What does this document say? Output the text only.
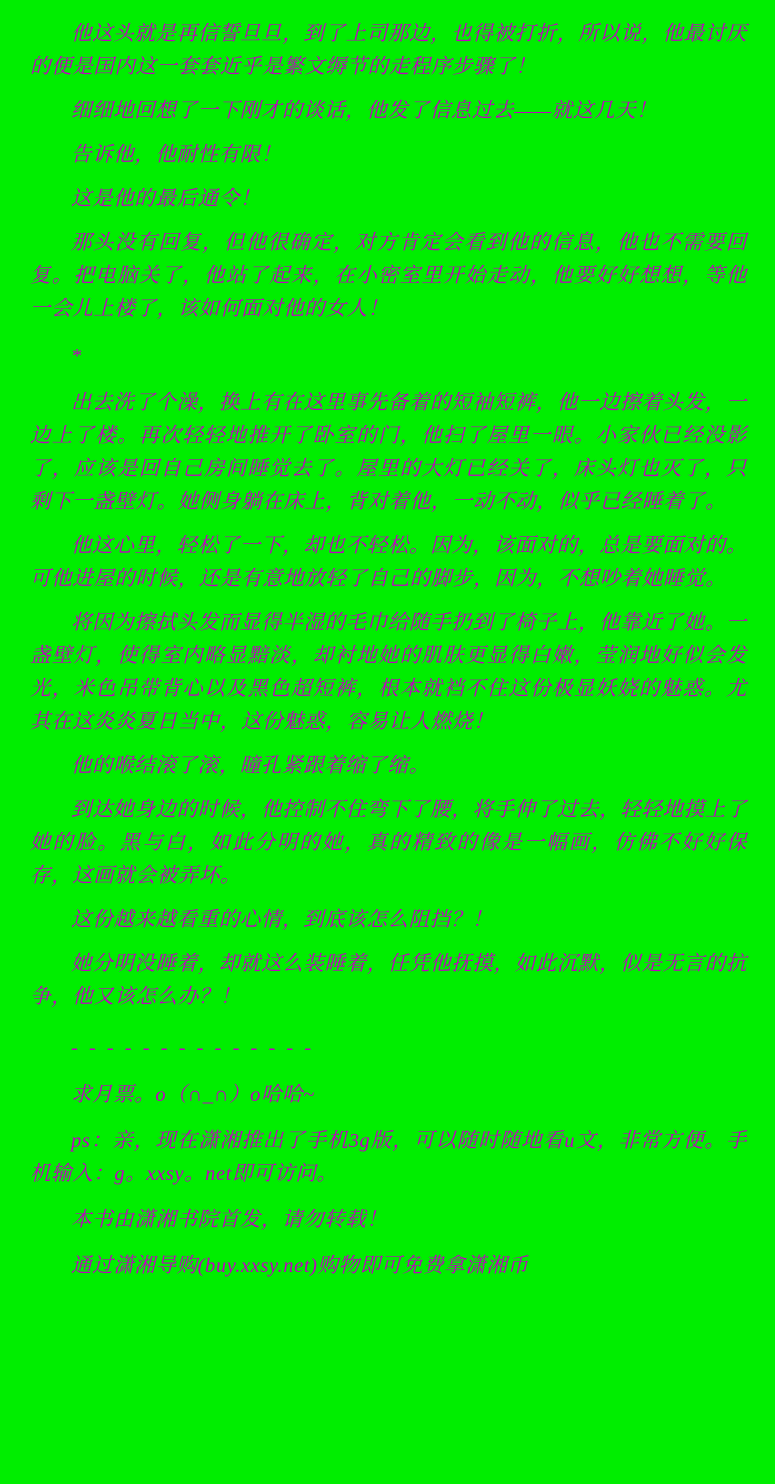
他这头就是再信誓旦旦，到了上司那边，也得被打折，所以说，他最讨厌的便是国内这一套套近乎是繁文缛节的走程序步骤了！

细细地回想了一下刚才的谈话，他发了信息过去——就这几天！

告诉他，他耐性有限！

这是他的最后通令！

那头没有回复，但他很确定，对方肯定会看到他的信息，他也不需要回复。把电脑关了，他站了起来，在小密室里开始走动，他要好好想想，等他一会儿上楼了，该如何面对他的女人！

*

出去洗了个澡，换上有在这里事先备着的短袖短裤，他一边擦着头发，一边上了楼。再次轻轻地推开了卧室的门，他扫了屋里一眼。小家伙已经没影了，应该是回自己房间睡觉去了。屋里的大灯已经关了，床头灯也灭了，只剩下一盏壁灯。她侧身躺在床上，背对着他，一动不动，似乎已经睡着了。

他这心里，轻松了一下，却也不轻松。因为，该面对的，总是要面对的。可他进屋的时候，还是有意地放轻了自己的脚步，因为，不想吵着她睡觉。

将因为擦拭头发而显得半湿的毛巾给随手扔到了椅子上，他靠近了她。一盏壁灯，使得室内略显黯淡，却衬地她的肌肤更显得白嫩，莹润地好似会发光，米色吊带背心以及黑色超短裤，根本就裆不住这份极显妖娆的魅惑。尤其在这炎炎夏日当中，这份魅惑，容易让人燃烧！

他的喉结滚了滚，瞳孔紧跟着缩了缩。

到达她身边的时候，他控制不住弯下了腰，将手伸了过去，轻轻地摸上了她的脸。黑与白，如此分明的她，真的精致的像是一幅画，仿佛不好好保存，这画就会被弄坏。

这份越来越看重的心情，到底该怎么阻挡？！

她分明没睡着，却就这么装睡着，任凭他抚摸，如此沉默，似是无言的抗争，他又该怎么办？！

- - - - - - - - - - - - - -

求月票。o（∩_∩）o哈哈~

ps：亲，现在潇湘推出了手机3g版，可以随时随地看u文，非常方便。手机输入：g。xxsy。net即可访问。

本书由潇湘书院首发，请勿转载！

通过潇湘导购(buy.xxsy.net)购物即可免费拿潇湘币
